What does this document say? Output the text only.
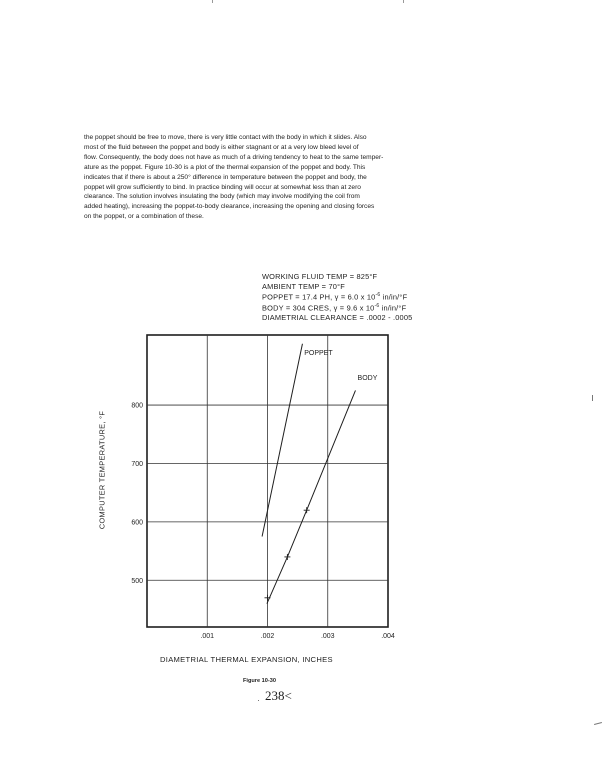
the poppet should be free to move, there is very little contact with the body in which it slides. Also
most of the fluid between the poppet and body is either stagnant or at a very low bleed level of
flow. Consequently, the body does not have as much of a driving tendency to heat to the same temper-
ature as the poppet. Figure 10-30 is a plot of the thermal expansion of the poppet and body. This
indicates that if there is about a 250° difference in temperature between the poppet and body, the
poppet will grow sufficiently to bind. In practice binding will occur at somewhat less than at zero
clearance. The solution involves insulating the body (which may involve modifying the coil from
added heating), increasing the poppet-to-body clearance, increasing the opening and closing forces
on the poppet, or a combination of these.
WORKING FLUID TEMP = 825°F
AMBIENT TEMP = 70°F
POPPET = 17.4 PH, γ = 6.0 x $10^{-6}$ in/in/°F
BODY = 304 CRES, γ = 9.6 x $10^{-6}$ in/in/°F
DIAMETRIAL CLEARANCE = .0002 - .0005
.001	.002	.003	.004
500
600
700
800
POPPET
BODY
DIAMETRIAL THERMAL EXPANSION, INCHES
COMPUTER TEMPERATURE, °F
Figure 10-30
238<
